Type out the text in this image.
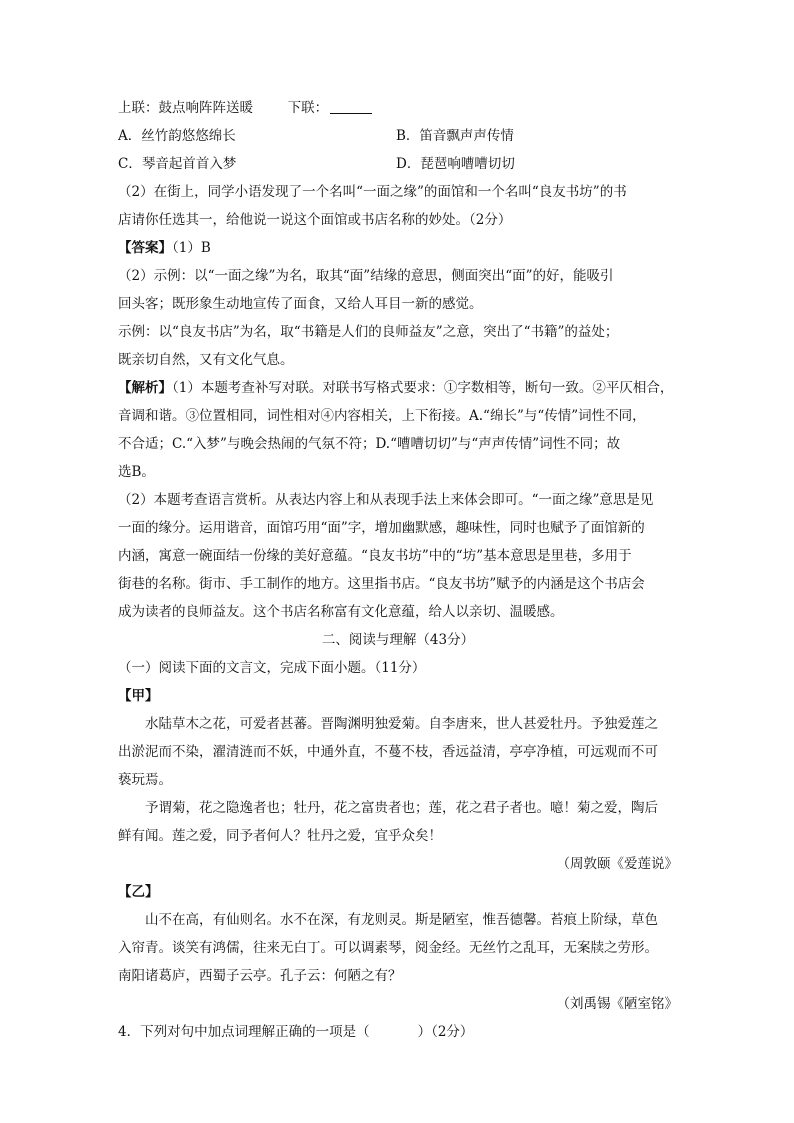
上联：鼓点响阵阵送暖	下联：
A．丝竹韵悠悠绵长	B．笛音飘声声传情
C．琴音起首首入梦	D．琵琶响嘈嘈切切
（2）在街上，同学小语发现了一个名叫“一面之缘”的面馆和一个名叫“良友书坊”的书
店请你任选其一，给他说一说这个面馆或书店名称的妙处。（2分）
【答案】（1）B
（2）示例：以“一面之缘”为名，取其“面”结缘的意思，侧面突出“面”的好，能吸引
回头客；既形象生动地宣传了面食，又给人耳目一新的感觉。
示例：以“良友书店”为名，取“书籍是人们的良师益友”之意，突出了“书籍”的益处；
既亲切自然，又有文化气息。
【解析】（1）本题考查补写对联。对联书写格式要求：①字数相等，断句一致。②平仄相合，
音调和谐。③位置相同，词性相对④内容相关，上下衔接。A.“绵长”与“传情”词性不同，
不合适；C.“入梦”与晚会热闹的气氛不符；D.“嘈嘈切切”与“声声传情”词性不同；故
选B。
（2）本题考查语言赏析。从表达内容上和从表现手法上来体会即可。“一面之缘”意思是见
一面的缘分。运用谐音，面馆巧用“面”字，增加幽默感，趣味性，同时也赋予了面馆新的
内涵，寓意一碗面结一份缘的美好意蕴。“良友书坊”中的“坊”基本意思是里巷，多用于
街巷的名称。街市、手工制作的地方。这里指书店。“良友书坊”赋予的内涵是这个书店会
成为读者的良师益友。这个书店名称富有文化意蕴，给人以亲切、温暖感。
二、阅读与理解（43分）
（一）阅读下面的文言文，完成下面小题。（11分）
【甲】
水陆草木之花，可爱者甚蕃。晋陶渊明独爱菊。自李唐来，世人甚爱牡丹。予独爱莲之
出淤泥而不染，濯清涟而不妖，中通外直，不蔓不枝，香远益清，亭亭净植，可远观而不可
亵玩焉。
予谓菊，花之隐逸者也；牡丹，花之富贵者也；莲，花之君子者也。噫！菊之爱，陶后
鲜有闻。莲之爱，同予者何人？牡丹之爱，宜乎众矣！
（周敦颐《爱莲说》
【乙】
山不在高，有仙则名。水不在深，有龙则灵。斯是陋室，惟吾德馨。苔痕上阶绿，草色
入帘青。谈笑有鸿儒，往来无白丁。可以调素琴，阅金经。无丝竹之乱耳，无案牍之劳形。
南阳诸葛庐，西蜀子云亭。孔子云：何陋之有？
（刘禹锡《陋室铭》
4．下列对句中加点词理解正确的一项是（	）（2分）
